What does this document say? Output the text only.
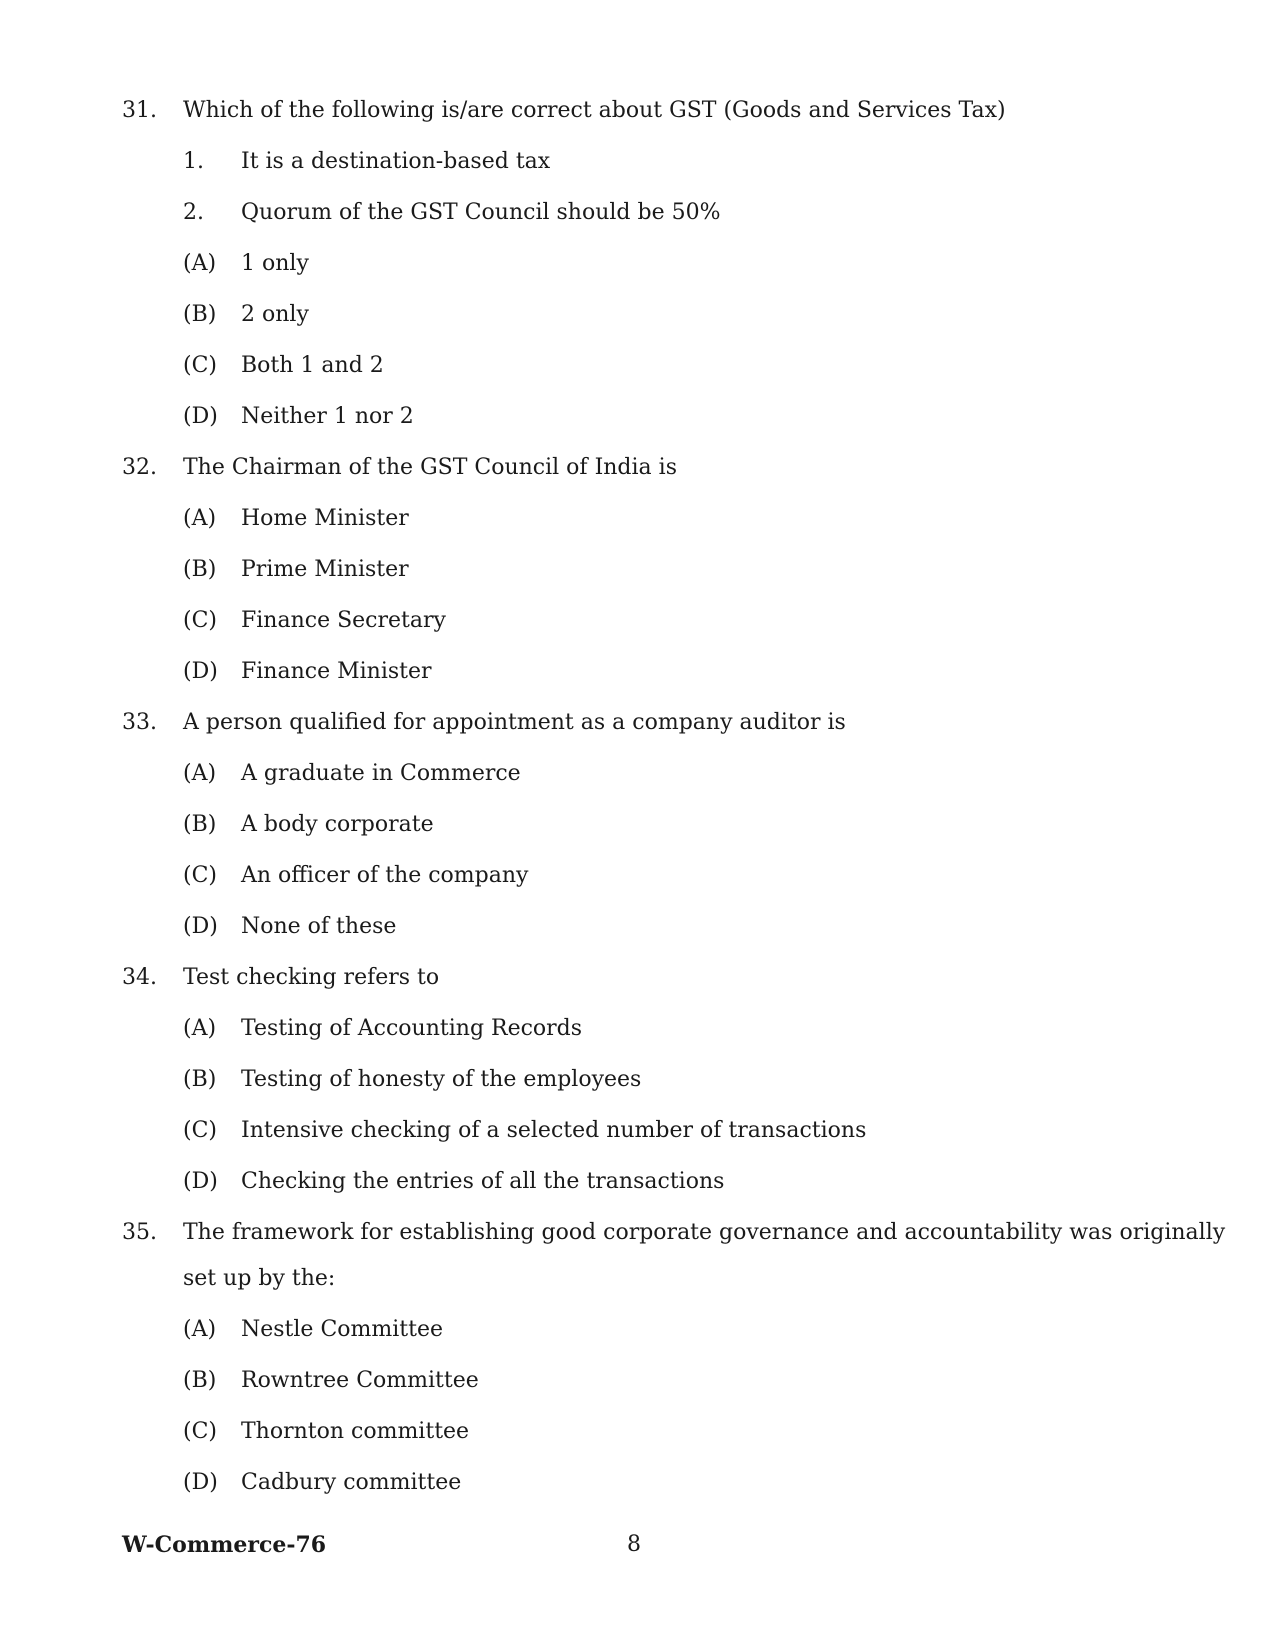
31. Which of the following is/are correct about GST (Goods and Services Tax)
1. It is a destination-based tax
2. Quorum of the GST Council should be 50%
(A) 1 only
(B) 2 only
(C) Both 1 and 2
(D) Neither 1 nor 2
32. The Chairman of the GST Council of India is
(A) Home Minister
(B) Prime Minister
(C) Finance Secretary
(D) Finance Minister
33. A person qualified for appointment as a company auditor is
(A) A graduate in Commerce
(B) A body corporate
(C) An officer of the company
(D) None of these
34. Test checking refers to
(A) Testing of Accounting Records
(B) Testing of honesty of the employees
(C) Intensive checking of a selected number of transactions
(D) Checking the entries of all the transactions
35. The framework for establishing good corporate governance and accountability was originally
set up by the:
(A) Nestle Committee
(B) Rowntree Committee
(C) Thornton committee
(D) Cadbury committee
W-Commerce-76	8
